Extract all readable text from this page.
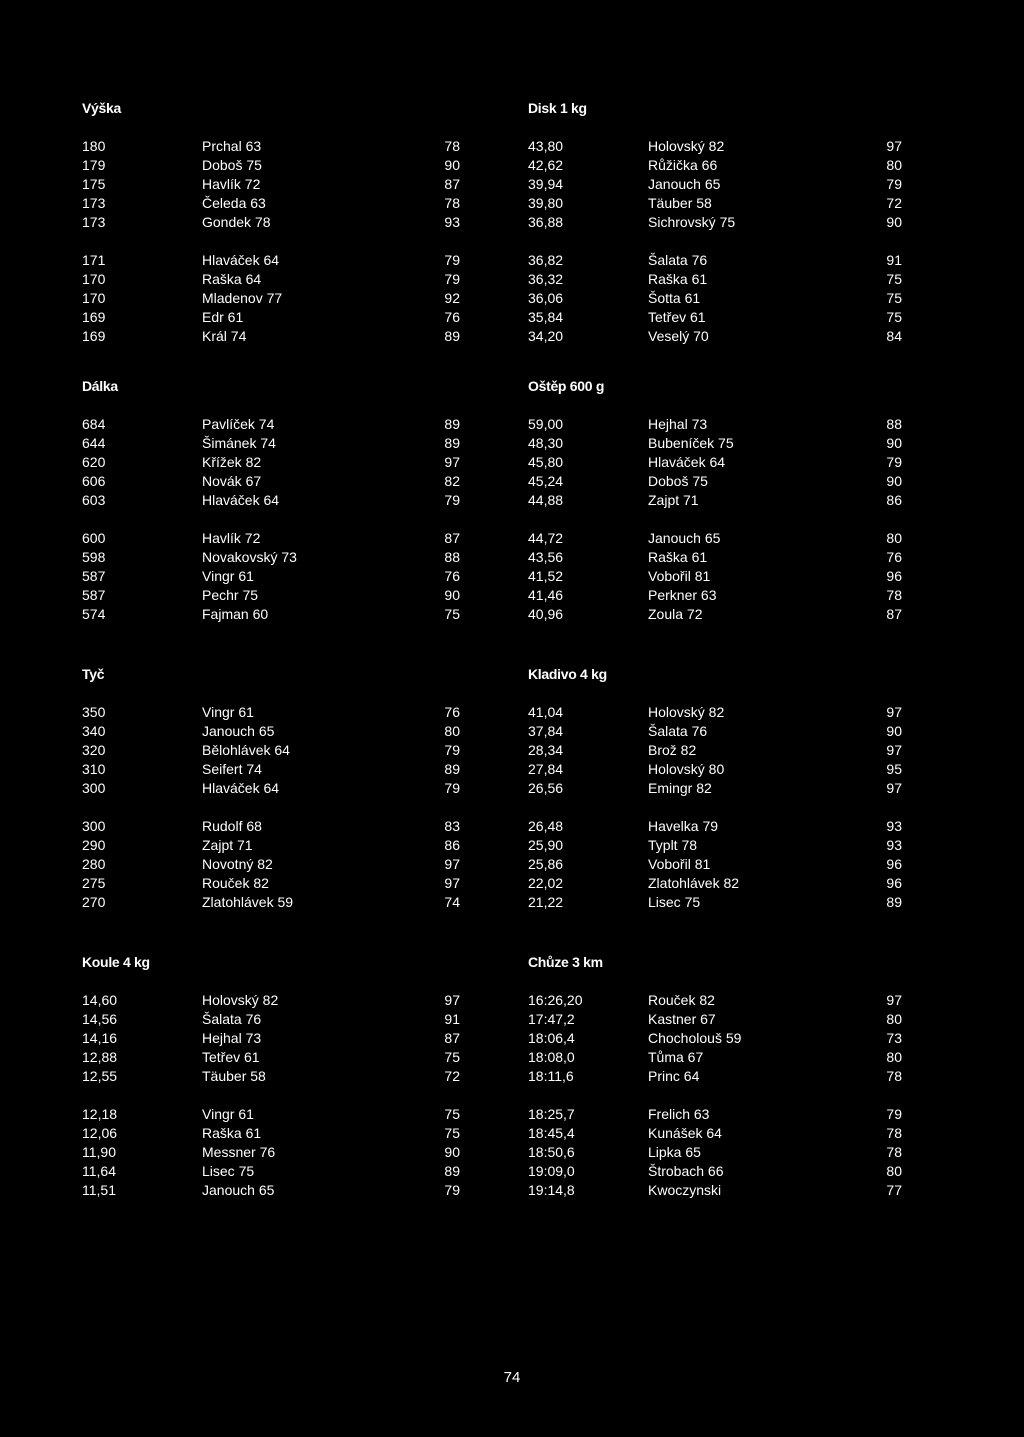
Výška
180	Prchal 63	78
179	Doboš 75	90
175	Havlík 72	87
173	Čeleda 63	78
173	Gondek 78	93
171	Hlaváček 64	79
170	Raška 64	79
170	Mladenov 77	92
169	Edr 61	76
169	Král 74	89
Disk 1 kg
43,80	Holovský 82	97
42,62	Růžička 66	80
39,94	Janouch 65	79
39,80	Täuber 58	72
36,88	Sichrovský 75	90
36,82	Šalata 76	91
36,32	Raška 61	75
36,06	Šotta 61	75
35,84	Tetřev 61	75
34,20	Veselý 70	84
Dálka
684	Pavlíček 74	89
644	Šimánek 74	89
620	Křížek 82	97
606	Novák 67	82
603	Hlaváček 64	79
600	Havlík 72	87
598	Novakovský 73	88
587	Vingr 61	76
587	Pechr 75	90
574	Fajman 60	75
Oštěp 600 g
59,00	Hejhal 73	88
48,30	Bubeníček 75	90
45,80	Hlaváček 64	79
45,24	Doboš 75	90
44,88	Zajpt 71	86
44,72	Janouch 65	80
43,56	Raška 61	76
41,52	Vobořil 81	96
41,46	Perkner 63	78
40,96	Zoula 72	87
Tyč
350	Vingr 61	76
340	Janouch 65	80
320	Bělohlávek 64	79
310	Seifert 74	89
300	Hlaváček 64	79
300	Rudolf 68	83
290	Zajpt 71	86
280	Novotný 82	97
275	Rouček 82	97
270	Zlatohlávek 59	74
Kladivo 4 kg
41,04	Holovský 82	97
37,84	Šalata 76	90
28,34	Brož 82	97
27,84	Holovský 80	95
26,56	Emingr 82	97
26,48	Havelka 79	93
25,90	Typlt 78	93
25,86	Vobořil 81	96
22,02	Zlatohlávek 82	96
21,22	Lisec 75	89
Koule 4 kg
14,60	Holovský 82	97
14,56	Šalata 76	91
14,16	Hejhal 73	87
12,88	Tetřev 61	75
12,55	Täuber 58	72
12,18	Vingr 61	75
12,06	Raška 61	75
11,90	Messner 76	90
11,64	Lisec 75	89
11,51	Janouch 65	79
Chůze 3 km
16:26,20	Rouček 82	97
17:47,2	Kastner 67	80
18:06,4	Chocholouš 59	73
18:08,0	Tůma 67	80
18:11,6	Princ 64	78
18:25,7	Frelich 63	79
18:45,4	Kunášek 64	78
18:50,6	Lipka 65	78
19:09,0	Štrobach 66	80
19:14,8	Kwoczynski	77
74
